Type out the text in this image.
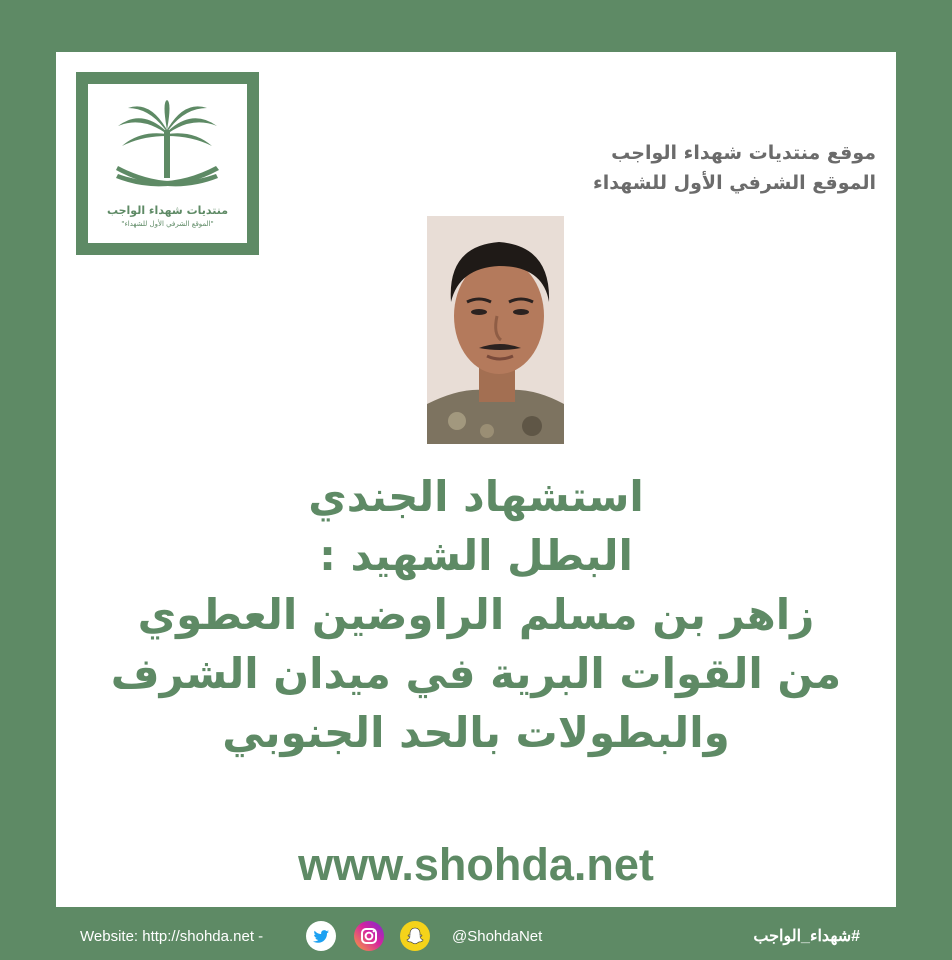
منتديات شهداء الواجب
"الموقع الشرفي الأول للشهداء"
موقع منتديات شهداء الواجب
الموقع الشرفي الأول للشهداء
استشهاد الجندي
البطل الشهيد :
زاهر بن مسلم الراوضين العطوي
من القوات البرية في ميدان الشرف
والبطولات بالحد الجنوبي
www.shohda.net
Website: http://shohda.net -	@ShohdaNet	#شهداء_الواجب
